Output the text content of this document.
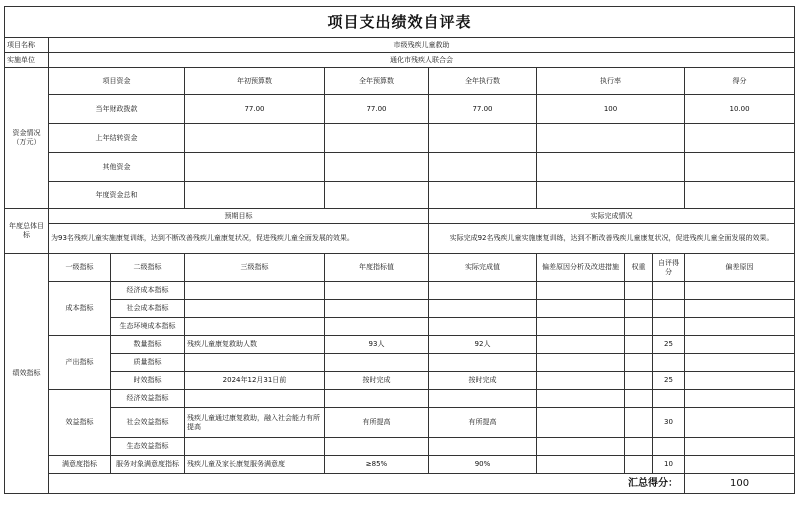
项目支出绩效自评表										
项目名称	市级残疾儿童救助									
实施单位	通化市残疾人联合会									
资金情况（万元）	项目资金		年初预算数	全年预算数	全年执行数	执行率			得分	
	当年财政拨款		77.00	77.00	77.00	100			10.00	
	上年结转资金									
	其他资金									
	年度资金总和									
年度总体目标	预期目标				实际完成情况					
	为93名残疾儿童实施康复训练，达到不断改善残疾儿童康复状况，促进残疾儿童全面发展的效果。				实际完成92名残疾儿童实施康复训练，达到不断改善残疾儿童康复状况，促进残疾儿童全面发展的效果。					
绩效指标	一级指标	二级指标	三级指标	年度指标值	实际完成值	偏差原因分析及改进措施	权重	自评得分	偏差原因	
	成本指标	经济成本指标								
		社会成本指标								
		生态环境成本指标								
	产出指标	数量指标	残疾儿童康复救助人数	93人	92人			25		
		质量指标								
		时效指标	2024年12月31日前	按时完成	按时完成			25		
	效益指标	经济效益指标								
		社会效益指标	残疾儿童通过康复救助，融入社会能力有所提高	有所提高	有所提高			30		
		生态效益指标								
	满意度指标	服务对象满意度指标	残疾儿童及家长康复服务满意度	≥85%	90%			10		
	汇总得分：								100	
